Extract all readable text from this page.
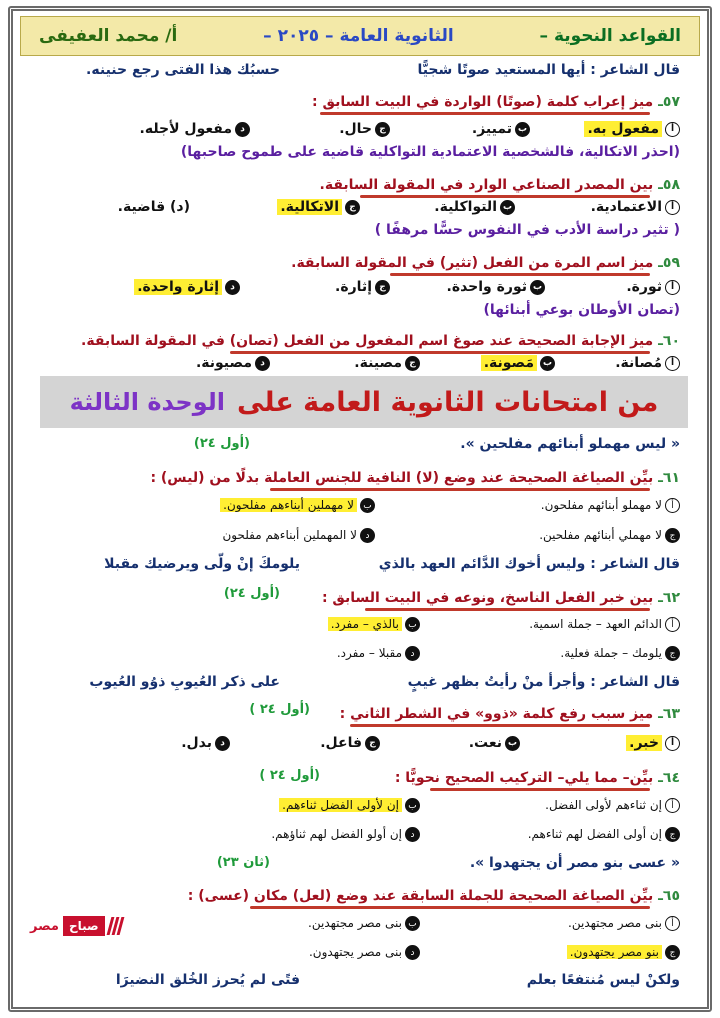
القواعد النحوية –
الثانوية العامة – ٢٠٢٥ –
أ/ محمد العفيفى
قال الشاعر : أيها المستعيد صوتًا شجيًّا
حسبُك هذا الفتى رجع حنينه.
٥٧ـ ميز إعراب كلمة (صوتًا) الواردة في البيت السابق :
أمفعول به.
بتمييز.
جحال.
دمفعول لأجله.
(احذر الاتكالية، فالشخصية الاعتمادية التواكلية قاضية على طموح صاحبها)
٥٨ـ بين المصدر الصناعي الوارد في المقولة السابقة.
أالاعتمادية.
بالتواكلية.
جالاتكالية.
(د) قاضية.
( تثير دراسة الأدب في النفوس حسًّا مرهفًا )
٥٩ـ ميز اسم المرة من الفعل (تثير) في المقولة السابقة.
أثورة.
بثورة واحدة.
جإثارة.
دإثارة واحدة.
(تصان الأوطان بوعي أبنائها)
٦٠ـ ميز الإجابة الصحيحة عند صوغ اسم المفعول من الفعل (تصان) في المقولة السابقة.
أمُصانة.
بمَصونة.
جمصينة.
دمصيونة.
من امتحانات الثانوية العامة على
الوحدة الثالثة
« ليس مهملو أبنائهم مفلحين ».
(أول ٢٤)
٦١ـ بيِّن الصياغة الصحيحة عند وضع (لا) النافية للجنس العاملة بدلًا من (ليس) :
ألا مهملو أبنائهم مفلحون.
بلا مهملين أبناءهم مفلحون.
جلا مهملي أبنائهم مفلحين.
دلا المهملين أبناءهم مفلحون
قال الشاعر : وليس أخوك الدَّائم العهد بالذي
يلومكَ إنْ ولّى ويرضيك مقبلا
٦٢ـ بين خبر الفعل الناسخ، ونوعه في البيت السابق :
(أول ٢٤)
أالدائم العهد – جملة اسمية.
ببالذي – مفرد.
جيلومك – جملة فعلية.
دمقبلا – مفرد.
قال الشاعر : وأجرأ منْ رأيتُ بظهر غيبٍ
على ذكر العُيوبِ ذوُو العُيوب
٦٣ـ ميز سبب رفع كلمة «ذوو» في الشطر الثاني :
(أول ٢٤ )
أخبر.
بنعت.
جفاعل.
دبدل.
٦٤ـ بيِّن– مما يلي– التركيب الصحيح نحويًّا :
(أول ٢٤ )
أإن ثناءهم لأولى الفضل.
بإن لأولى الفضل ثناءهم.
جإن أولى الفضل لهم ثناءهم.
دإن أولو الفضل لهم ثناؤهم.
« عسى بنو مصر أن يجتهدوا ».
(ثان ٢٣)
٦٥ـ بيِّن الصياغة الصحيحة للجملة السابقة عند وضع (لعل) مكان (عسى) :
أبنى مصر مجتهدين.
ببنى مصر مجتهدين.
جبنو مصر يجتهدون.
دبنى مصر يجتهدون.
ولكنْ ليس مُنتفعًا بعلم
فتًى لم يُحرز الخُلق النضيرَا
مصر صباح
